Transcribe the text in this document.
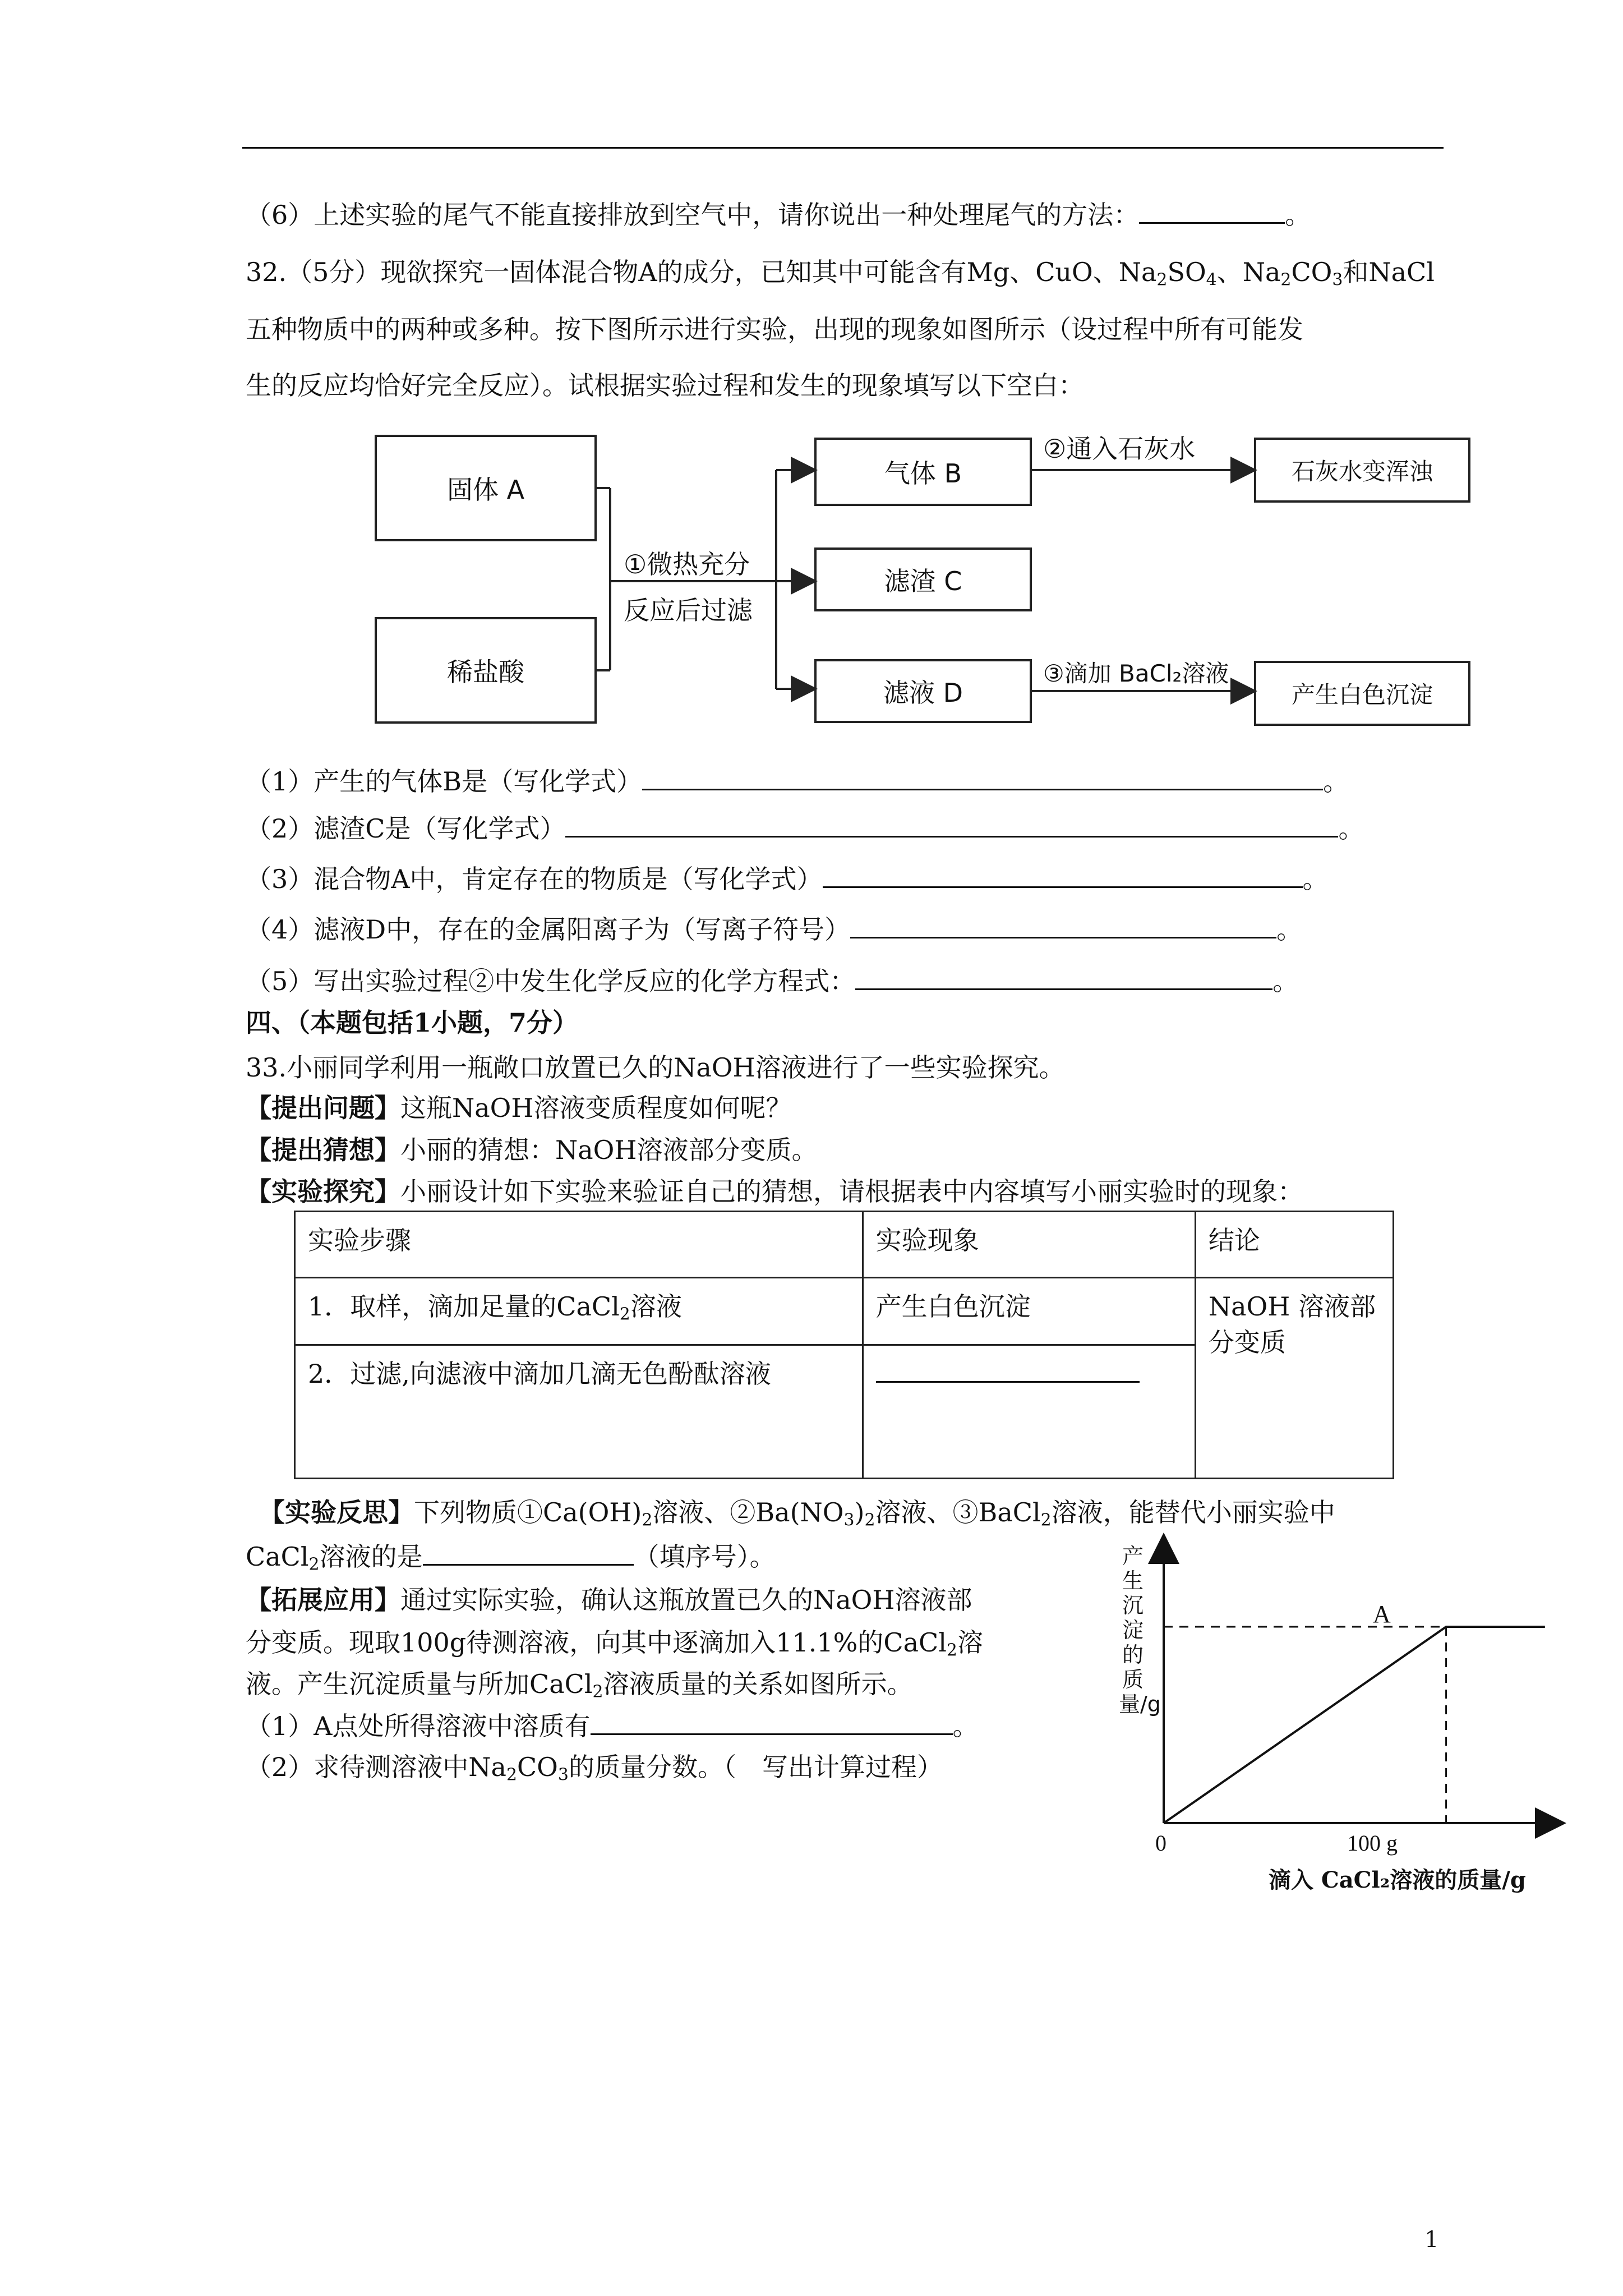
（6）上述实验的尾气不能直接排放到空气中，请你说出一种处理尾气的方法：	。
32.（5分）现欲探究一固体混合物A的成分，已知其中可能含有Mg、CuO、$Na_2SO_4$、$Na_2CO_3$和NaCl
五种物质中的两种或多种。按下图所示进行实验，出现的现象如图所示（设过程中所有可能发
生的反应均恰好完全反应）。试根据实验过程和发生的现象填写以下空白：
固体 A
稀盐酸
气体 B
滤渣 C
滤液 D
石灰水变浑浊
产生白色沉淀
①微热充分
反应后过滤
②通入石灰水
③滴加 BaCl₂溶液
（1）产生的气体B是（写化学式）	。
（2）滤渣C是（写化学式）	。
（3）混合物A中，肯定存在的物质是（写化学式）	。
（4）滤液D中，存在的金属阳离子为（写离子符号）	。
（5）写出实验过程②中发生化学反应的化学方程式：	。
四、（本题包括1小题，7分）
33.小丽同学利用一瓶敞口放置已久的NaOH溶液进行了一些实验探究。
【提出问题】这瓶NaOH溶液变质程度如何呢？
【提出猜想】小丽的猜想：NaOH溶液部分变质。
【实验探究】小丽设计如下实验来验证自己的猜想，请根据表中内容填写小丽实验时的现象：
实验步骤	实验现象	结论
1．取样，滴加足量的CaCl$_2$溶液	产生白色沉淀	NaOH 溶液部分变质
2．过滤,向滤液中滴加几滴无色酚酞溶液		
【实验反思】下列物质$①Ca(OH)_2$溶液、$②Ba(NO_3)_2$溶液、③BaCl$_2$溶液，能替代小丽实验中
CaCl$_2$溶液的是	（填序号）。
【拓展应用】通过实际实验，确认这瓶放置已久的NaOH溶液部
分变质。现取100g待测溶液，向其中逐滴加入11.1%的CaCl$_2$溶
液。产生沉淀质量与所加CaCl$_2$溶液质量的关系如图所示。
（1）A点处所得溶液中溶质有	。
（2）求待测溶液中$Na_2CO_3$的质量分数。（　写出计算过程）
产生沉淀的质量/g
0	100 g
滴入 CaCl₂溶液的质量/g
A
1
